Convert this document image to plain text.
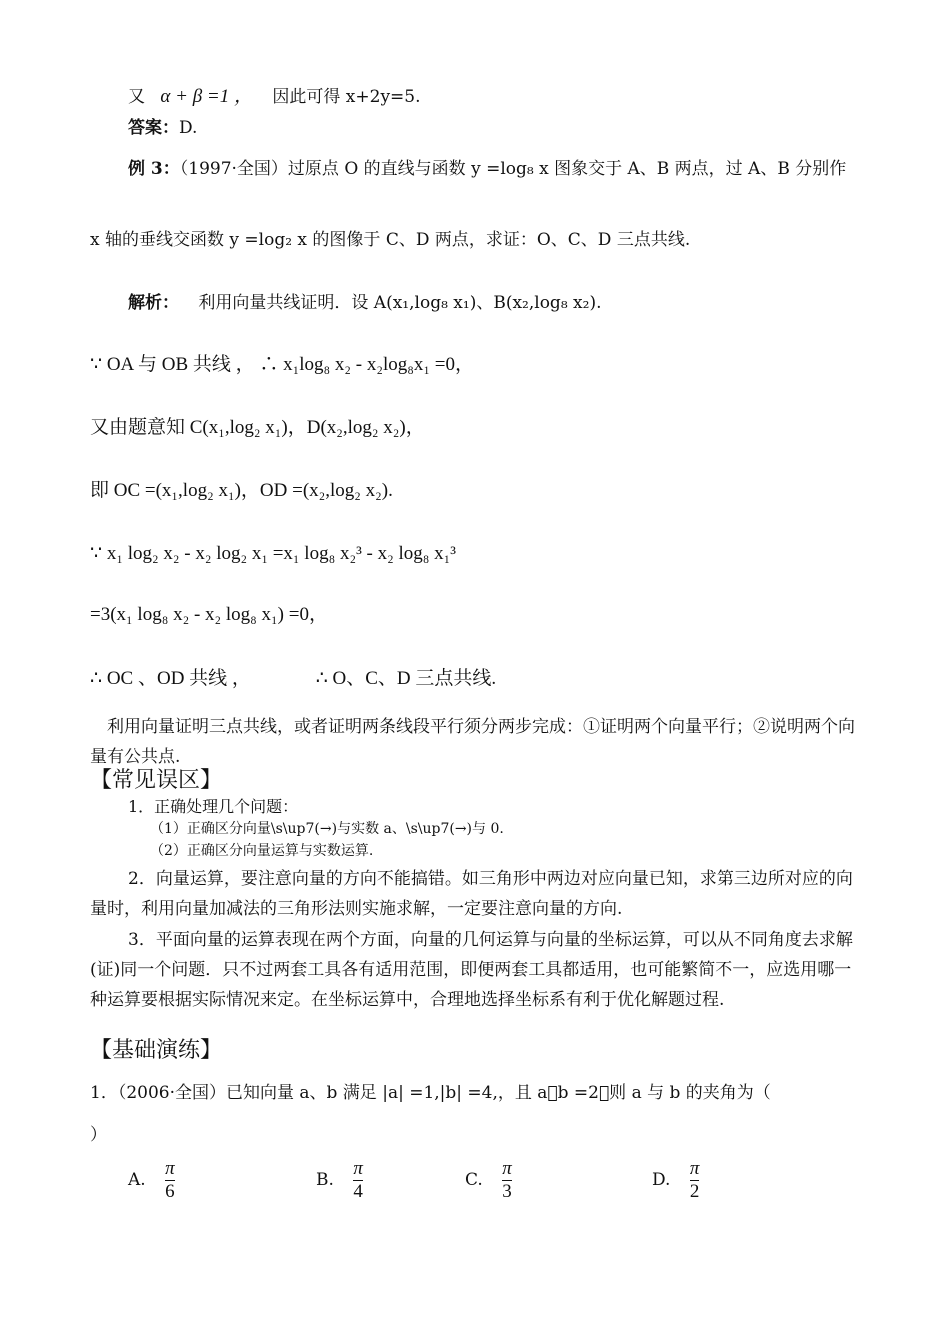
又 α + β =1 ， 因此可得 x+2y=5.
答案：D.
例 3：（1997·全国）过原点 O 的直线与函数 y =log₈ x 图象交于 A、B 两点，过 A、B 分别作
x 轴的垂线交函数 y =log₂ x 的图像于 C、D 两点，求证：O、C、D 三点共线.
解析： 利用向量共线证明．设 A(x₁,log₈ x₁)、B(x₂,log₈ x₂).
∵ OA 与 OB 共线 ， ∴ x₁log₈ x₂ - x₂log₈x₁ =0，
又由题意知 C(x₁,log₂ x₁)，D(x₂,log₂ x₂)，
即 OC =(x₁,log₂ x₁)，OD =(x₂,log₂ x₂).
∵ x₁ log₂ x₂ - x₂ log₂ x₁ =x₁ log₈ x₂³ - x₂ log₈ x₁³
=3(x₁ log₈ x₂ - x₂ log₈ x₁) =0，
∴ OC 、OD 共线 ，	∴ O、C、D 三点共线.
利用向量证明三点共线，或者证明两条线段平行须分两步完成：①证明两个向量平行；②说明两个向量有公共点.
【常见误区】
1．正确处理几个问题：
（1）正确区分向量\s\up7(→)与实数 a、\s\up7(→)与 0.
（2）正确区分向量运算与实数运算.
2．向量运算，要注意向量的方向不能搞错。如三角形中两边对应向量已知，求第三边所对应的向量时，利用向量加减法的三角形法则实施求解，一定要注意向量的方向.
3．平面向量的运算表现在两个方面，向量的几何运算与向量的坐标运算，可以从不同角度去求解(证)同一个问题．只不过两套工具各有适用范围，即便两套工具都适用，也可能繁简不一，应选用哪一种运算要根据实际情况来定。在坐标运算中，合理地选择坐标系有利于优化解题过程.
【基础演练】
1．（2006·全国）已知向量 a、b 满足 |a| =1,|b| =4,，且 a⃞b =2，则 a 与 b 的夹角为（
）
A. $\frac{\pi}{6}$	B. $\frac{\pi}{4}$	C. $\frac{\pi}{3}$	D. $\frac{\pi}{2}$
